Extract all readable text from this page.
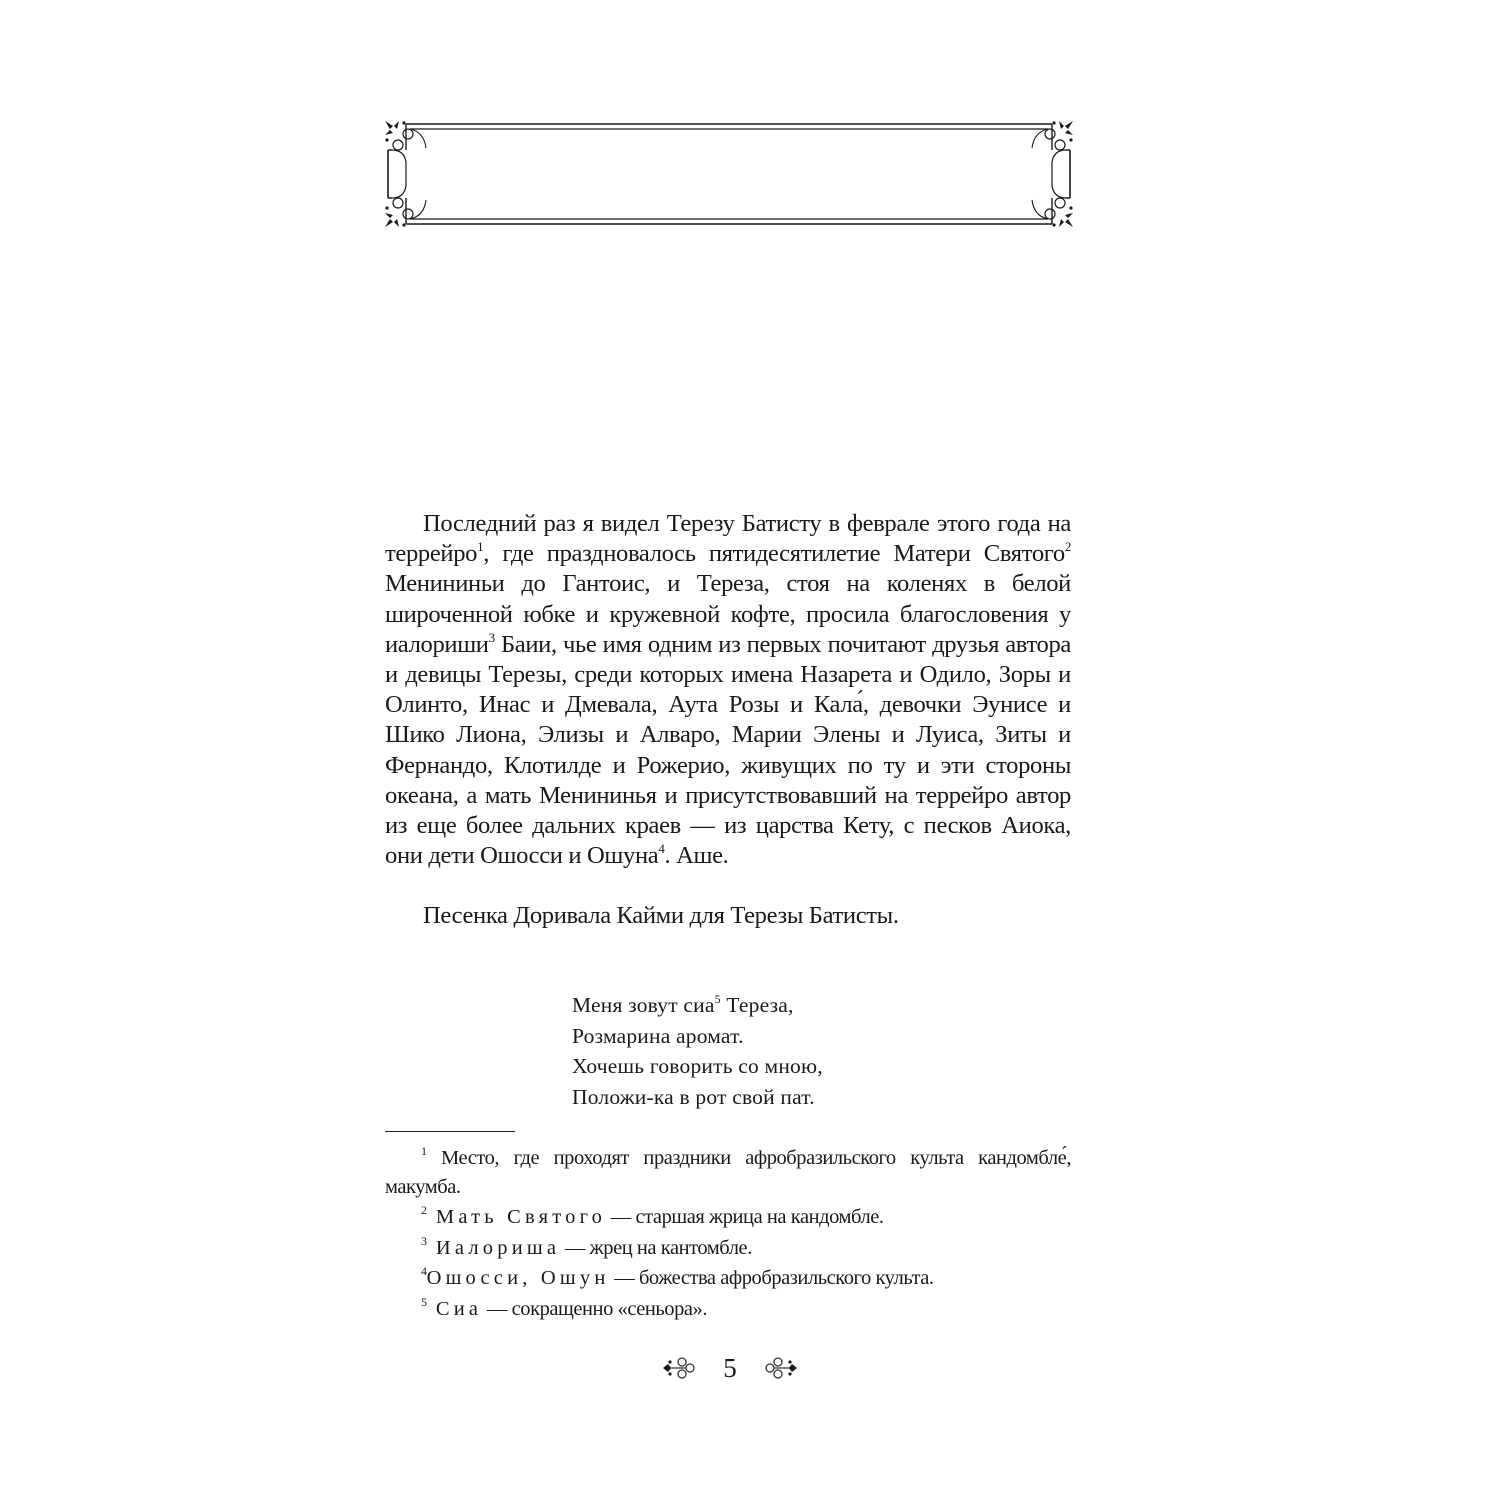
Последний раз я видел Терезу Батисту в феврале этого года на террейро$^1$, где праздновалось пятидесятилетие Матери Святого$^2$ Менининьи до Гантоис, и Тереза, стоя на коленях в белой широченной юбке и кружевной кофте, просила благословения у иалориши$^3$ Баии, чье имя одним из первых почитают друзья автора и девицы Терезы, среди которых имена Назарета и Одило, Зоры и Олинто, Инас и Дмевала, Аута Розы и Кала́, девочки Эунисе и Шико Лиона, Элизы и Алваро, Марии Элены и Луиса, Зиты и Фернандо, Клотилде и Рожерио, живущих по ту и эти стороны океана, а мать Менининья и присутствовавший на террейро автор из еще более дальних краев — из царства Кету, с песков Аиока, они дети Ошосси и Ошуна$^4$. Аше.

Песенка Доривала Кайми для Терезы Батисты.

Меня зовут сиа$^5$ Тереза,
Розмарина аромат.
Хочешь говорить со мною,
Положи-ка в рот свой пат.

$^1$ Место, где проходят праздники афробразильского культа кандомбле́, макумба.

$^2$ Мать Святого — старшая жрица на кандомбле.

$^3$ Иалориша — жрец на кантомбле.

$^4$Ошосси, Ошун — божества афробразильского культа.

$^5$ Сиа — сокращенно «сеньора».

5
